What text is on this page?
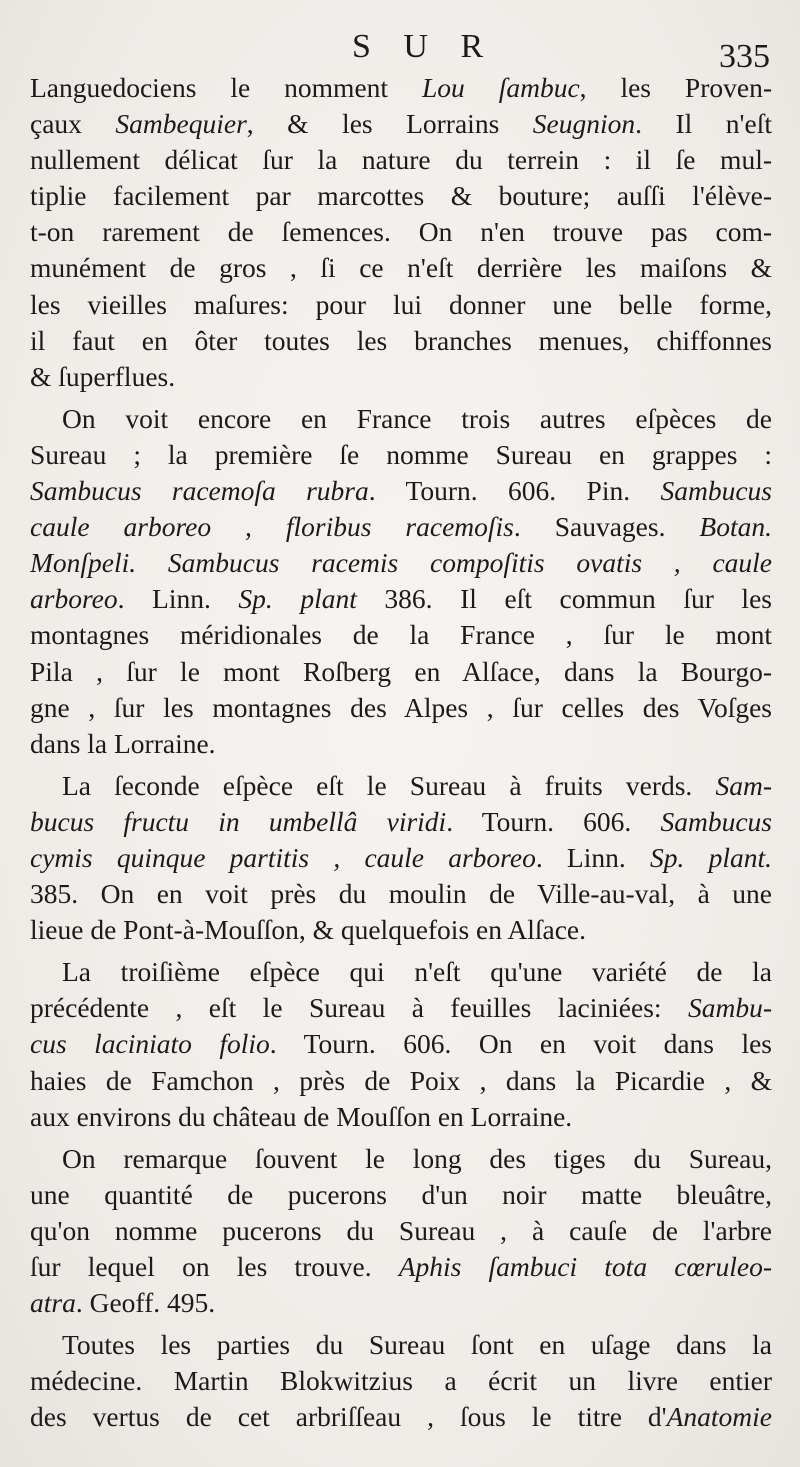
S U R	335
Languedociens le nomment Lou ſambuc, les Proven-
çaux Sambequier, & les Lorrains Seugnion. Il n'eſt
nullement délicat ſur la nature du terrein : il ſe mul-
tiplie facilement par marcottes & bouture; auſſi l'élève-
t-on rarement de ſemences. On n'en trouve pas com-
munément de gros , ſi ce n'eſt derrière les maiſons &
les vieilles maſures: pour lui donner une belle forme,
il faut en ôter toutes les branches menues, chiffonnes
& ſuperflues.
On voit encore en France trois autres eſpèces de
Sureau ; la première ſe nomme Sureau en grappes :
Sambucus racemoſa rubra. Tourn. 606. Pin. Sambucus
caule arboreo , floribus racemoſis. Sauvages. Botan.
Monſpeli. Sambucus racemis compoſitis ovatis , caule
arboreo. Linn. Sp. plant 386. Il eſt commun ſur les
montagnes méridionales de la France , ſur le mont
Pila , ſur le mont Roſberg en Alſace, dans la Bourgo-
gne , ſur les montagnes des Alpes , ſur celles des Voſges
dans la Lorraine.
La ſeconde eſpèce eſt le Sureau à fruits verds. Sam-
bucus fructu in umbellâ viridi. Tourn. 606. Sambucus
cymis quinque partitis , caule arboreo. Linn. Sp. plant.
385. On en voit près du moulin de Ville-au-val, à une
lieue de Pont-à-Mouſſon, & quelquefois en Alſace.
La troiſième eſpèce qui n'eſt qu'une variété de la
précédente , eſt le Sureau à feuilles laciniées: Sambu-
cus laciniato folio. Tourn. 606. On en voit dans les
haies de Famchon , près de Poix , dans la Picardie , &
aux environs du château de Mouſſon en Lorraine.
On remarque ſouvent le long des tiges du Sureau,
une quantité de pucerons d'un noir matte bleuâtre,
qu'on nomme pucerons du Sureau , à cauſe de l'arbre
ſur lequel on les trouve. Aphis ſambuci tota cœruleo-
atra. Geoff. 495.
Toutes les parties du Sureau ſont en uſage dans la
médecine. Martin Blokwitzius a écrit un livre entier
des vertus de cet arbriſſeau , ſous le titre d'Anatomie
